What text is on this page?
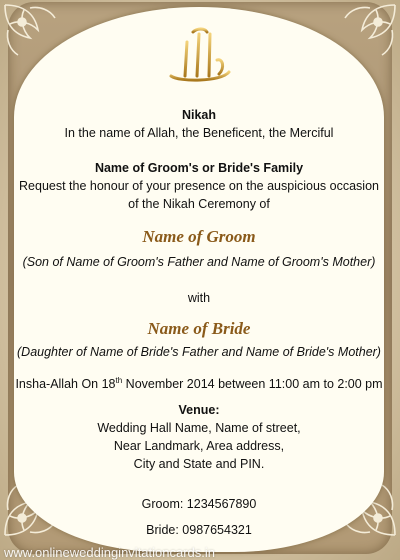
Nikah
In the name of Allah, the Beneficent, the Merciful
Name of Groom's or Bride's Family
Request the honour of your presence on the auspicious occasion
of the Nikah Ceremony of
Name of Groom
(Son of Name of Groom's Father and Name of Groom's Mother)
with
Name of Bride
(Daughter of Name of Bride's Father and Name of Bride's Mother)
Insha-Allah On 18th November 2014 between 11:00 am to 2:00 pm
Venue:
Wedding Hall Name, Name of street,
Near Landmark, Area address,
City and State and PIN.
Groom: 1234567890
Bride: 0987654321
www.onlineweddinginvitationcards.in
